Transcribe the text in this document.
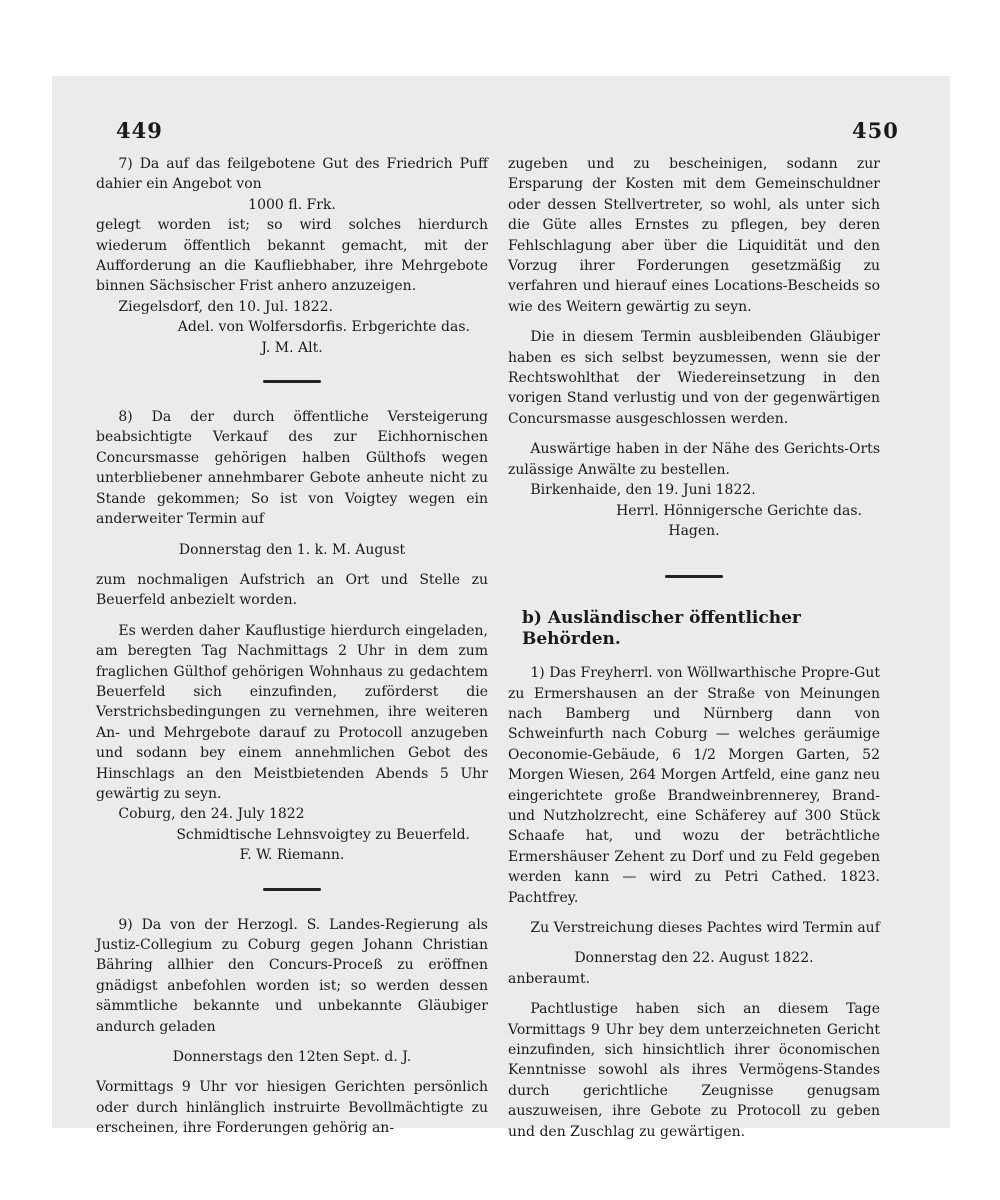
449	450

7) Da auf das feilgebotene Gut des Friedrich Puff dahier ein Angebot von

1000 fl. Frk.

gelegt worden ist; so wird solches hierdurch wiederum öffentlich bekannt gemacht, mit der Aufforderung an die Kaufliebhaber, ihre Mehrgebote binnen Sächsischer Frist anhero anzuzeigen.

Ziegelsdorf, den 10. Jul. 1822.

Adel. von Wolfersdorfis. Erbgerichte das.

J. M. Alt.

8) Da der durch öffentliche Versteigerung beabsichtigte Verkauf des zur Eichhornischen Concursmasse gehörigen halben Gülthofs wegen unterbliebener annehmbarer Gebote anheute nicht zu Stande gekommen; So ist von Voigtey wegen ein anderweiter Termin auf

Donnerstag den 1. k. M. August

zum nochmaligen Aufstrich an Ort und Stelle zu Beuerfeld anbezielt worden.

Es werden daher Kauflustige hierdurch eingeladen, am beregten Tag Nachmittags 2 Uhr in dem zum fraglichen Gülthof gehörigen Wohnhaus zu gedachtem Beuerfeld sich einzufinden, zuförderst die Verstrichsbedingungen zu vernehmen, ihre weiteren An- und Mehrgebote darauf zu Protocoll anzugeben und sodann bey einem annehmlichen Gebot des Hinschlags an den Meistbietenden Abends 5 Uhr gewärtig zu seyn.

Coburg, den 24. July 1822

Schmidtische Lehnsvoigtey zu Beuerfeld.

F. W. Riemann.

9) Da von der Herzogl. S. Landes-Regierung als Justiz-Collegium zu Coburg gegen Johann Christian Bähring allhier den Concurs-Proceß zu eröffnen gnädigst anbefohlen worden ist; so werden dessen sämmtliche bekannte und unbekannte Gläubiger andurch geladen

Donnerstags den 12ten Sept. d. J.

Vormittags 9 Uhr vor hiesigen Gerichten persönlich oder durch hinlänglich instruirte Bevollmächtigte zu erscheinen, ihre Forderungen gehörig an-

zugeben und zu bescheinigen, sodann zur Ersparung der Kosten mit dem Gemeinschuldner oder dessen Stellvertreter, so wohl, als unter sich die Güte alles Ernstes zu pflegen, bey deren Fehlschlagung aber über die Liquidität und den Vorzug ihrer Forderungen gesetzmäßig zu verfahren und hierauf eines Locations-Bescheids so wie des Weitern gewärtig zu seyn.

Die in diesem Termin ausbleibenden Gläubiger haben es sich selbst beyzumessen, wenn sie der Rechtswohlthat der Wiedereinsetzung in den vorigen Stand verlustig und von der gegenwärtigen Concursmasse ausgeschlossen werden.

Auswärtige haben in der Nähe des Gerichts-Orts zulässige Anwälte zu bestellen.

Birkenhaide, den 19. Juni 1822.

Herrl. Hönnigersche Gerichte das.

Hagen.

b) Ausländischer öffentlicher Behörden.

1) Das Freyherrl. von Wöllwarthische Propre-Gut zu Ermershausen an der Straße von Meinungen nach Bamberg und Nürnberg dann von Schweinfurth nach Coburg — welches geräumige Oeconomie-Gebäude, 6 1/2 Morgen Garten, 52 Morgen Wiesen, 264 Morgen Artfeld, eine ganz neu eingerichtete große Brandweinbrennerey, Brand- und Nutzholzrecht, eine Schäferey auf 300 Stück Schaafe hat, und wozu der beträchtliche Ermershäuser Zehent zu Dorf und zu Feld gegeben werden kann — wird zu Petri Cathed. 1823. Pachtfrey.

Zu Verstreichung dieses Pachtes wird Termin auf

Donnerstag den 22. August 1822.

anberaumt.

Pachtlustige haben sich an diesem Tage Vormittags 9 Uhr bey dem unterzeichneten Gericht einzufinden, sich hinsichtlich ihrer öconomischen Kenntnisse sowohl als ihres Vermögens-Standes durch gerichtliche Zeugnisse genugsam auszuweisen, ihre Gebote zu Protocoll zu geben und den Zuschlag zu gewärtigen.
